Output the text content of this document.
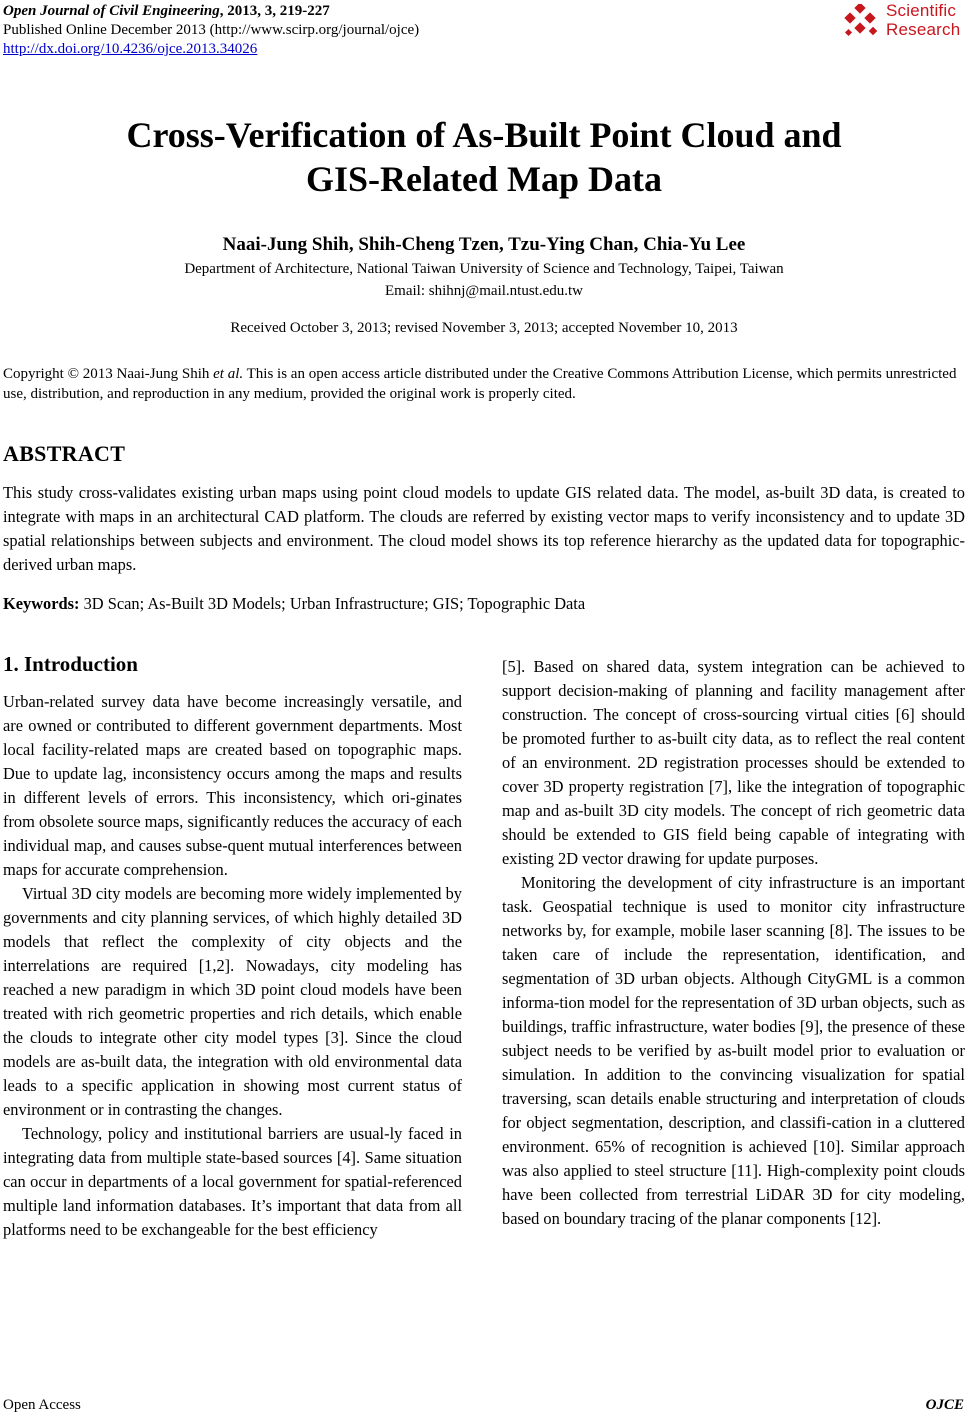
Open Journal of Civil Engineering, 2013, 3, 219-227
Published Online December 2013 (http://www.scirp.org/journal/ojce)
http://dx.doi.org/10.4236/ojce.2013.34026
Scientific
Research
Cross-Verification of As-Built Point Cloud and
GIS-Related Map Data
Naai-Jung Shih, Shih-Cheng Tzen, Tzu-Ying Chan, Chia-Yu Lee
Department of Architecture, National Taiwan University of Science and Technology, Taipei, Taiwan
Email: shihnj@mail.ntust.edu.tw
Received October 3, 2013; revised November 3, 2013; accepted November 10, 2013
Copyright © 2013 Naai-Jung Shih et al. This is an open access article distributed under the Creative Commons Attribution License, which permits unrestricted use, distribution, and reproduction in any medium, provided the original work is properly cited.
ABSTRACT
This study cross-validates existing urban maps using point cloud models to update GIS related data. The model, as-built 3D data, is created to integrate with maps in an architectural CAD platform. The clouds are referred by existing vector maps to verify inconsistency and to update 3D spatial relationships between subjects and environment. The cloud model shows its top reference hierarchy as the updated data for topographic-derived urban maps.
Keywords: 3D Scan; As-Built 3D Models; Urban Infrastructure; GIS; Topographic Data
1. Introduction

Urban-related survey data have become increasingly versatile, and are owned or contributed to different government departments. Most local facility-related maps are created based on topographic maps. Due to update lag, inconsistency occurs among the maps and results in different levels of errors. This inconsistency, which ori-ginates from obsolete source maps, significantly reduces the accuracy of each individual map, and causes subse-quent mutual interferences between maps for accurate comprehension.

Virtual 3D city models are becoming more widely implemented by governments and city planning services, of which highly detailed 3D models that reflect the complexity of city objects and the interrelations are required [1,2]. Nowadays, city modeling has reached a new paradigm in which 3D point cloud models have been treated with rich geometric properties and rich details, which enable the clouds to integrate other city model types [3]. Since the cloud models are as-built data, the integration with old environmental data leads to a specific application in showing most current status of environment or in contrasting the changes.

Technology, policy and institutional barriers are usual-ly faced in integrating data from multiple state-based sources [4]. Same situation can occur in departments of a local government for spatial-referenced multiple land information databases. It’s important that data from all platforms need to be exchangeable for the best efficiency

[5]. Based on shared data, system integration can be achieved to support decision-making of planning and facility management after construction. The concept of cross-sourcing virtual cities [6] should be promoted further to as-built city data, as to reflect the real content of an environment. 2D registration processes should be extended to cover 3D property registration [7], like the integration of topographic map and as-built 3D city models. The concept of rich geometric data should be extended to GIS field being capable of integrating with existing 2D vector drawing for update purposes.

Monitoring the development of city infrastructure is an important task. Geospatial technique is used to monitor city infrastructure networks by, for example, mobile laser scanning [8]. The issues to be taken care of include the representation, identification, and segmentation of 3D urban objects. Although CityGML is a common informa-tion model for the representation of 3D urban objects, such as buildings, traffic infrastructure, water bodies [9], the presence of these subject needs to be verified by as-built model prior to evaluation or simulation. In addition to the convincing visualization for spatial traversing, scan details enable structuring and interpretation of clouds for object segmentation, description, and classifi-cation in a cluttered environment. 65% of recognition is achieved [10]. Similar approach was also applied to steel structure [11]. High-complexity point clouds have been collected from terrestrial LiDAR 3D for city modeling, based on boundary tracing of the planar components [12].

Open Access	OJCE
